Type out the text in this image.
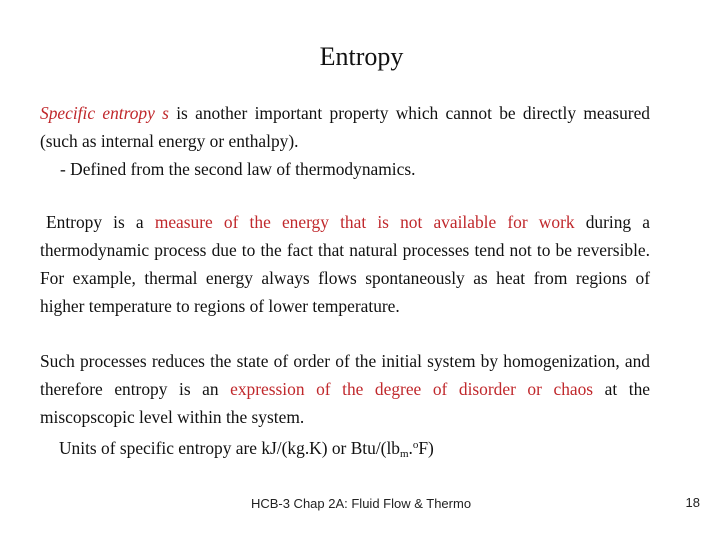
Entropy
Specific entropy s is another important property which cannot be directly measured (such as internal energy or enthalpy).
- Defined from the second law of thermodynamics.
Entropy is a measure of the energy that is not available for work during a thermodynamic process due to the fact that natural processes tend not to be reversible. For example, thermal energy always flows spontaneously as heat from regions of higher temperature to regions of lower temperature.
Such processes reduces the state of order of the initial system by homogenization, and therefore entropy is an expression of the degree of disorder or chaos at the miscopscopic level within the system.
Units of specific entropy are kJ/(kg.K) or Btu/$(lb_m.^oF)$
HCB-3 Chap 2A: Fluid Flow & Thermo	18
